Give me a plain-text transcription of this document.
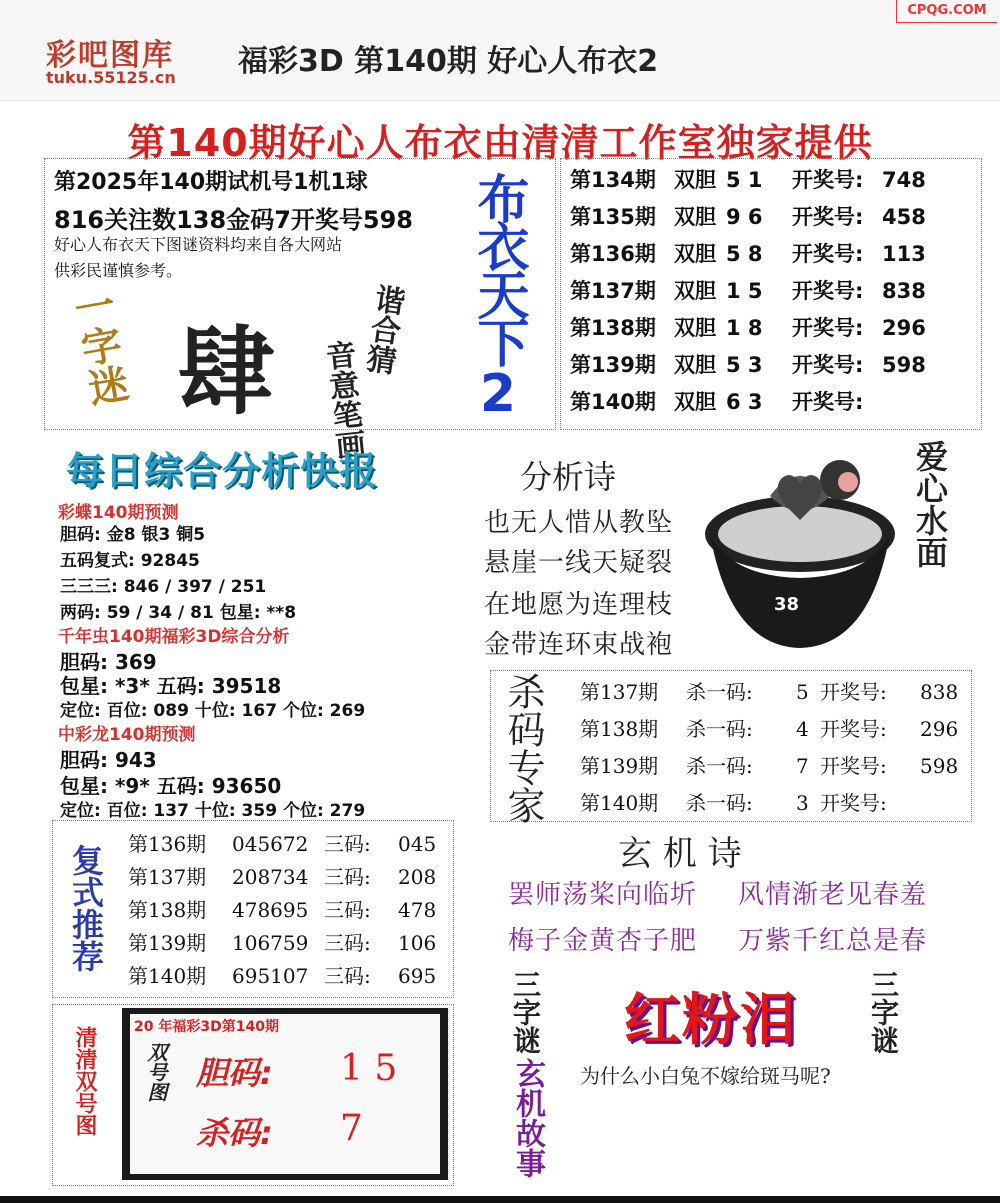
彩吧图库
tuku.55125.cn 福彩3D 第140期 好心人布衣2
CPQG.COM
第140期好心人布衣由清清工作室独家提供
第2025年140期试机号1机1球
816关注数138金码7开奖号598
好心人布衣天下图谜资料均来自各大网站
供彩民谨慎参考。
一字迷 肆	谐合猜
音意笔画 布衣天下2 第134期 双胆 5 1 开奖号: 748
第135期 双胆 9 6 开奖号: 458
第136期 双胆 5 8 开奖号: 113
第137期 双胆 1 5 开奖号: 838
第138期 双胆 1 8 开奖号: 296
第139期 双胆 5 3 开奖号: 598
第140期 双胆 6 3 开奖号:
每日综合分析快报
彩蝶140期预测
胆码: 金8 银3 铜5
五码复式: 92845
三三三: 846 / 397 / 251
两码: 59 / 34 / 81 包星: **8
千年虫140期福彩3D综合分析
胆码: 369
包星: *3* 五码: 39518
定位: 百位: 089 十位: 167 个位: 269
中彩龙140期预测
胆码: 943
包星: *9* 五码: 93650
定位: 百位: 137 十位: 359 个位: 279
分析诗
也无人惜从教坠
悬崖一线天疑裂
在地愿为连理枝
金带连环束战袍
38
爱心水面
杀码专家 第137期 杀一码: 5 开奖号: 838
第138期 杀一码: 4 开奖号: 296
第139期 杀一码: 7 开奖号: 598
第140期 杀一码: 3 开奖号:
复式推荐 第136期 045672 三码: 045
第137期 208734 三码: 208
第138期 478695 三码: 478
第139期 106759 三码: 106
第140期 695107 三码: 695
玄 机 诗
罢师荡桨向临圻 风情渐老见春羞
梅子金黄杏子肥 万紫千红总是春
清清双号图	20 年福彩3D第140期
双号图 胆码: 1 5
杀码: 7
三字谜	三字谜
红粉泪
玄机故事 为什么小白兔不嫁给斑马呢?
